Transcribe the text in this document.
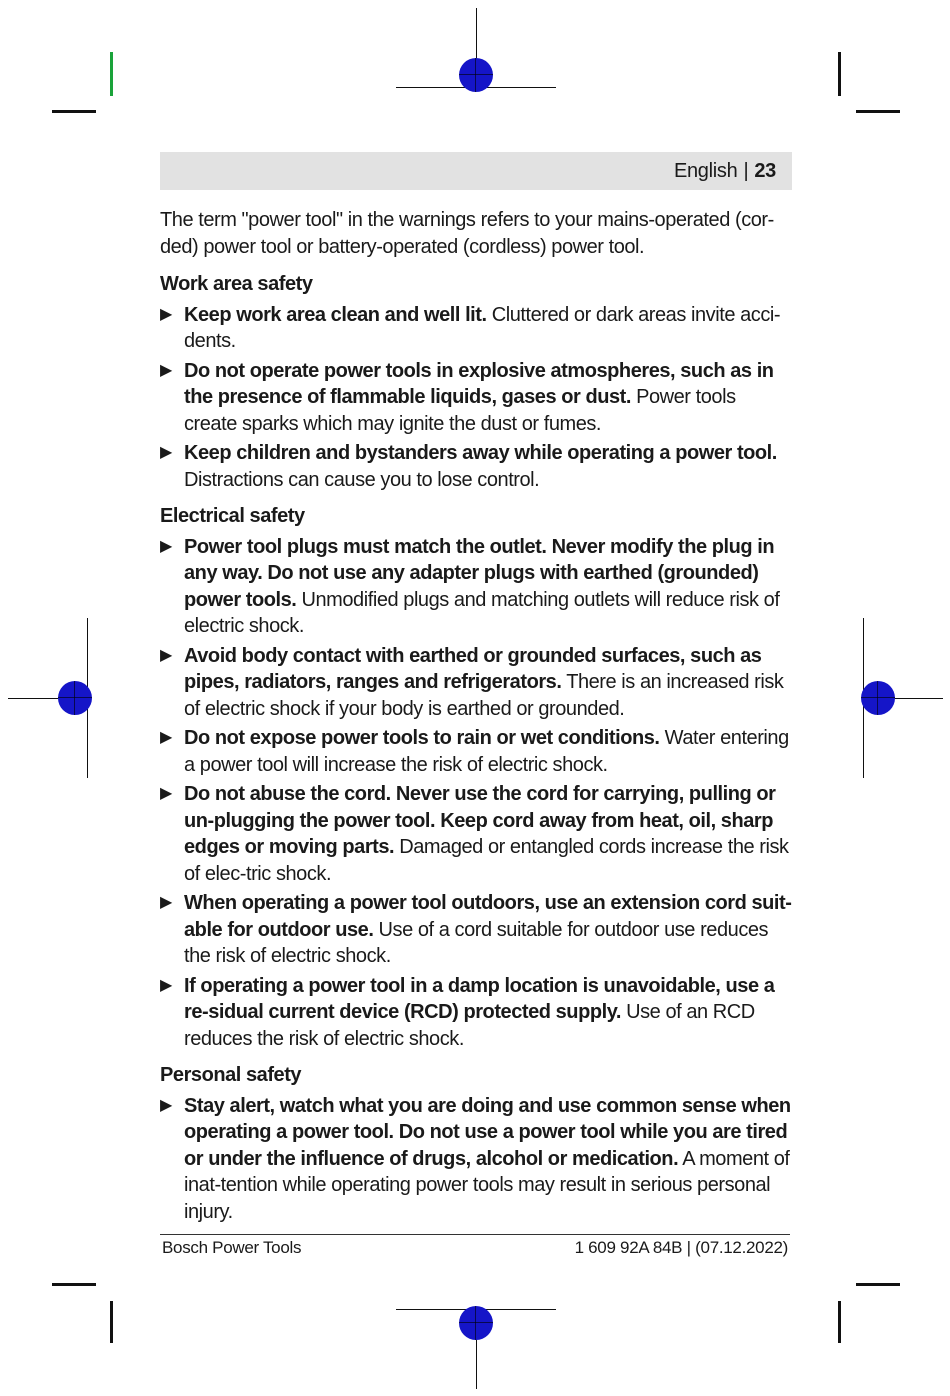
English | 23

The term "power tool" in the warnings refers to your mains-operated (cor-ded) power tool or battery-operated (cordless) power tool.

Work area safety
▶ Keep work area clean and well lit. Cluttered or dark areas invite acci-dents.
▶ Do not operate power tools in explosive atmospheres, such as in the presence of flammable liquids, gases or dust. Power tools create sparks which may ignite the dust or fumes.
▶ Keep children and bystanders away while operating a power tool. Distractions can cause you to lose control.
Electrical safety
▶ Power tool plugs must match the outlet. Never modify the plug in any way. Do not use any adapter plugs with earthed (grounded) power tools. Unmodified plugs and matching outlets will reduce risk of electric shock.
▶ Avoid body contact with earthed or grounded surfaces, such as pipes, radiators, ranges and refrigerators. There is an increased risk of electric shock if your body is earthed or grounded.
▶ Do not expose power tools to rain or wet conditions. Water entering a power tool will increase the risk of electric shock.
▶ Do not abuse the cord. Never use the cord for carrying, pulling or un-plugging the power tool. Keep cord away from heat, oil, sharp edges or moving parts. Damaged or entangled cords increase the risk of elec-tric shock.
▶ When operating a power tool outdoors, use an extension cord suit-able for outdoor use. Use of a cord suitable for outdoor use reduces the risk of electric shock.
▶ If operating a power tool in a damp location is unavoidable, use a re-sidual current device (RCD) protected supply. Use of an RCD reduces the risk of electric shock.
Personal safety
▶ Stay alert, watch what you are doing and use common sense when operating a power tool. Do not use a power tool while you are tired or under the influence of drugs, alcohol or medication. A moment of inat-tention while operating power tools may result in serious personal injury.
Bosch Power Tools	1 609 92A 84B | (07.12.2022)
